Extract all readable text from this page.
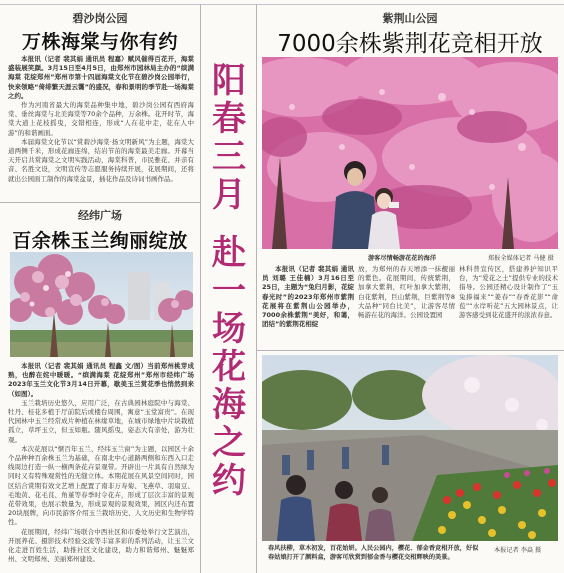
碧沙岗公园
万株海棠与你有约

本报讯（记者 裴其娟 通讯员 程嘉）赋风催得百花开，海棠盛装展笑颜。3月15日至4月5日，由郑州市园林局主办的“缤满海棠 花绽郑州”郑州市第十四届海棠文化节在碧沙岗公园举行，快来领略“倚绯繁天涯云霭”的盛况，春和景明的季节赴一场海棠之约。

作为河南省最大的海棠品种集中地，碧沙岗公园有西府海棠、垂丝海棠与北美海棠等70余个品种，万余株。花开时节，海棠大道上花枝摇曳，交错相连，形成“人在花中走，花在人中游”的和谐画面。

本届海棠文化节以“赏碧沙海棠·扬文明新风”为主题，海棠大道两侧千米，形成花廊连绵，结岩节茁的海棠最美走廊。开幕当天开启共赏海棠之文明实践活动，海棠科普，市民雅花、并亲有音、名胜文设，文明宣传等志愿服务持续开展，花展期间，还将就出公园面工制作的海棠盆景，插花作品及诗词书画作品。

经纬广场
百余株玉兰绚丽绽放

本报讯（记者 裴其娟 通讯员 程鑫 文/图）当前郑州桃芽成熟，也醉在姹中暖暖。“缤满海棠 花绽郑州”郑州市经纬广场2023年玉兰文化节3月14日开幕，歇美玉兰赏花季也悄然到来（如图）。

玉兰栽培历史悠久，应用广泛，在古典园林庭院中与海棠、牡丹、桂花多植于厅前院后或楼台周围，寓意“玉堂富贵”。在现代园林中玉兰经常成片种植在林缘草地，在城市绿地中片块栽植孤立，草坪玉立，但玉如瓶。随风摇曳，姿态大有亲处，游为壮观。

本次花展以“惬百年玉兰、经纬玉兰窗”为主题，以园区十余个品种种百余株玉兰为基础，在南北中心道路两侧和东西入口走线周边打造一纵一横两条花卉景观带。开辟出一片具有自然绿为同时又有特殊观赏性的无缝立体。本期花展在风景空间同时，园区结合赏期有效文艺增上配置了南非万寿菊、飞燕草、羽扇豆、毛地黄、花毛茛、角堇等春季时令花卉，形成了层次丰富的景观花带效果，也展示数量为，形成景观的景观效果，园区内还布置20块展牌，向市民游客介绍玉兰栽培历史、人文历史和生物学特性。

花展期间，经纬广场联合中西社区和市委处举行文艺演出，开展养花、摄影技术经验交流等丰富多彩的系列活动，让玉兰文化走进百姓生活，助推社区文化建设，助力和谐郑州、魅魅郑州、文明郑州、美丽郑州建设。

阳
春
三
月
赴
一
场
花
海
之
约
紫荆山公园
7000余株紫荆花竞相开放
游客尽情畅游花花的海洋	郑报全媒体记者 马健 摄

本报讯（记者 裴其娟 通讯员 刘璐 王佳楠）3月16日至25日，主题为“兔归月影，花绽春光时”的2023年郑州市紫荆花展将在紫荆山公园举办，7000余株紫荆“美好，和蔼，团结”的紫荆花相绽

放，为郑州的春天增添一抹靓丽的紫色。花展期间，传统紫荆，加拿大紫荆，红叶加拿大紫荆，白花紫荆，巨山紫荆，巨紫荆等8大品种“同台比美”，让游客尽情畅游在花的海洋。公园设置园

林科普宣传区，搭建养护知识平台，为“爱花之士”提供专业的技术指导。公园还精心设计制作了“玉兔捧福来”“姜春”“春香花影”“命苞”“水岸听花”五大园林景点，让游客感受到花花盛开的浓浓春意。

春风扶柳，草木初发，百花始妍。人民公园内，樱花、郁金香竞相开放，好似春姑娘打开了颜料盒，游客可欣赏到郁金香与樱花交相辉映的美景。
本报记者 李焱 摄
